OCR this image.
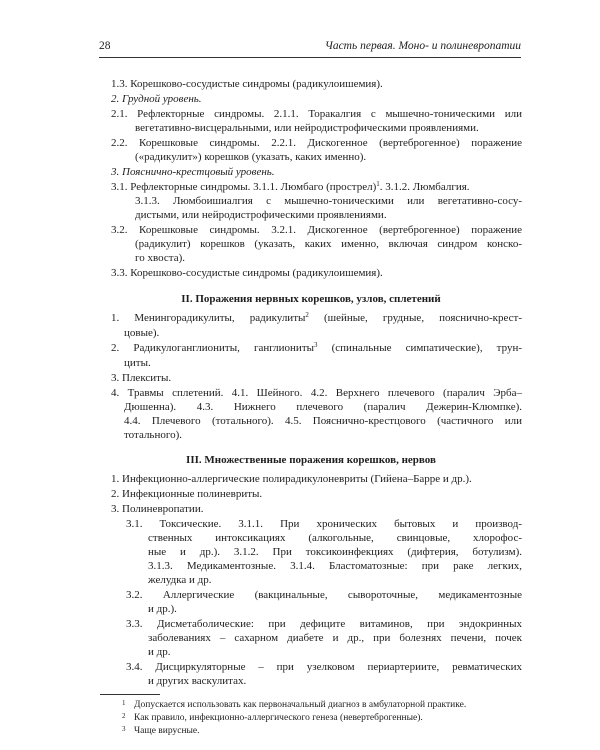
28	Часть первая. Моно- и полиневропатии
1.3. Корешково-сосудистые синдромы (радикулоишемия).
2. Грудной уровень.
2.1. Рефлекторные синдромы. 2.1.1. Торакалгия с мышечно-тоническими или
вегетативно-висцеральными, или нейродистрофическими проявлениями.
2.2. Корешковые синдромы. 2.2.1. Дискогенное (вертеброгенное) поражение
(«радикулит») корешков (указать, каких именно).
3. Пояснично-крестцовый уровень.
3.1. Рефлекторные синдромы. 3.1.1. Люмбаго (прострел)$^1$. 3.1.2. Люмбалгия.
3.1.3. Люмбоишиалгия с мышечно-тоническими или вегетативно-сосу-
дистыми, или нейродистрофическими проявлениями.
3.2. Корешковые синдромы. 3.2.1. Дискогенное (вертеброгенное) поражение
(радикулит) корешков (указать, каких именно, включая синдром конско-
го хвоста).
3.3. Корешково-сосудистые синдромы (радикулоишемия).
II. Поражения нервных корешков, узлов, сплетений
1. Менингорадикулиты, радикулиты$^2$ (шейные, грудные, пояснично-крест-
цовые).
2. Радикулоганглиониты, ганглиониты$^3$ (спинальные симпатические), трун-
циты.
3. Плекситы.
4. Травмы сплетений. 4.1. Шейного. 4.2. Верхнего плечевого (паралич Эрба–
Дюшенна). 4.3. Нижнего плечевого (паралич Дежерин-Клюмпке).
4.4. Плечевого (тотального). 4.5. Пояснично-крестцового (частичного или
тотального).
III. Множественные поражения корешков, нервов
1. Инфекционно-аллергические полирадикулоневриты (Гийена–Барре и др.).
2. Инфекционные полиневриты.
3. Полиневропатии.
3.1. Токсические. 3.1.1. При хронических бытовых и производ-
ственных интоксикациях (алкогольные, свинцовые, хлорофос-
ные и др.). 3.1.2. При токсикоинфекциях (дифтерия, ботулизм).
3.1.3. Медикаментозные. 3.1.4. Бластоматозные: при раке легких,
желудка и др.
3.2. Аллергические (вакцинальные, сывороточные, медикаментозные
и др.).
3.3. Дисметаболические: при дефиците витаминов, при эндокринных
заболеваниях – сахарном диабете и др., при болезнях печени, почек
и др.
3.4. Дисциркуляторные – при узелковом периартериите, ревматических
и других васкулитах.
1 Допускается использовать как первоначальный диагноз в амбулаторной практике.
2 Как правило, инфекционно-аллергического генеза (невертеброгенные).
3 Чаще вирусные.
